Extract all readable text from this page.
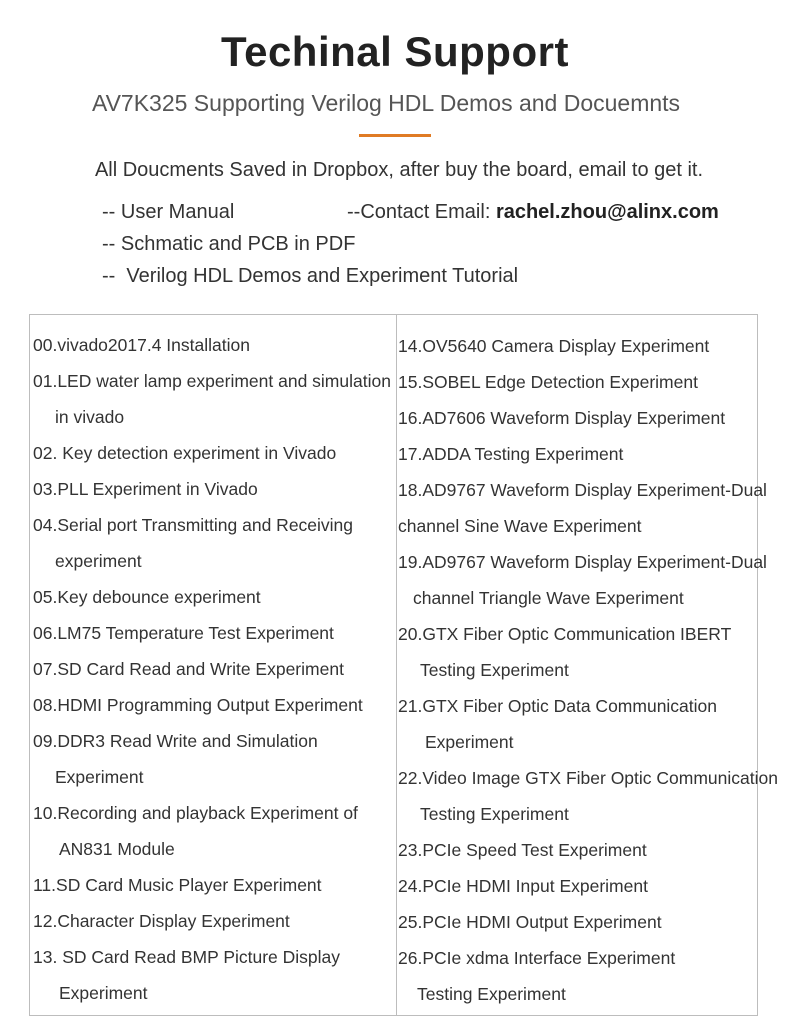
Techinal Support
AV7K325 Supporting Verilog HDL Demos and Docuemnts
All Doucments Saved in Dropbox, after buy the board, email to get it.
-- User Manual
-- Schmatic and PCB in PDF
--  Verilog HDL Demos and Experiment Tutorial
--Contact Email: rachel.zhou@alinx.com
00.vivado2017.4 Installation
01.LED water lamp experiment and simulation
in vivado
02. Key detection experiment in Vivado
03.PLL Experiment in Vivado
04.Serial port Transmitting and Receiving
experiment
05.Key debounce experiment
06.LM75 Temperature Test Experiment
07.SD Card Read and Write Experiment
08.HDMI Programming Output Experiment
09.DDR3 Read Write and Simulation
Experiment
10.Recording and playback Experiment of
AN831 Module
11.SD Card Music Player Experiment
12.Character Display Experiment
13. SD Card Read BMP Picture Display
Experiment
14.OV5640 Camera Display Experiment
15.SOBEL Edge Detection Experiment
16.AD7606 Waveform Display Experiment
17.ADDA Testing Experiment
18.AD9767 Waveform Display Experiment-Dual
channel Sine Wave Experiment
19.AD9767 Waveform Display Experiment-Dual
channel Triangle Wave Experiment
20.GTX Fiber Optic Communication IBERT
Testing Experiment
21.GTX Fiber Optic Data Communication
Experiment
22.Video Image GTX Fiber Optic Communication
Testing Experiment
23.PCIe Speed Test Experiment
24.PCIe HDMI Input Experiment
25.PCIe HDMI Output Experiment
26.PCIe xdma Interface Experiment
Testing Experiment
